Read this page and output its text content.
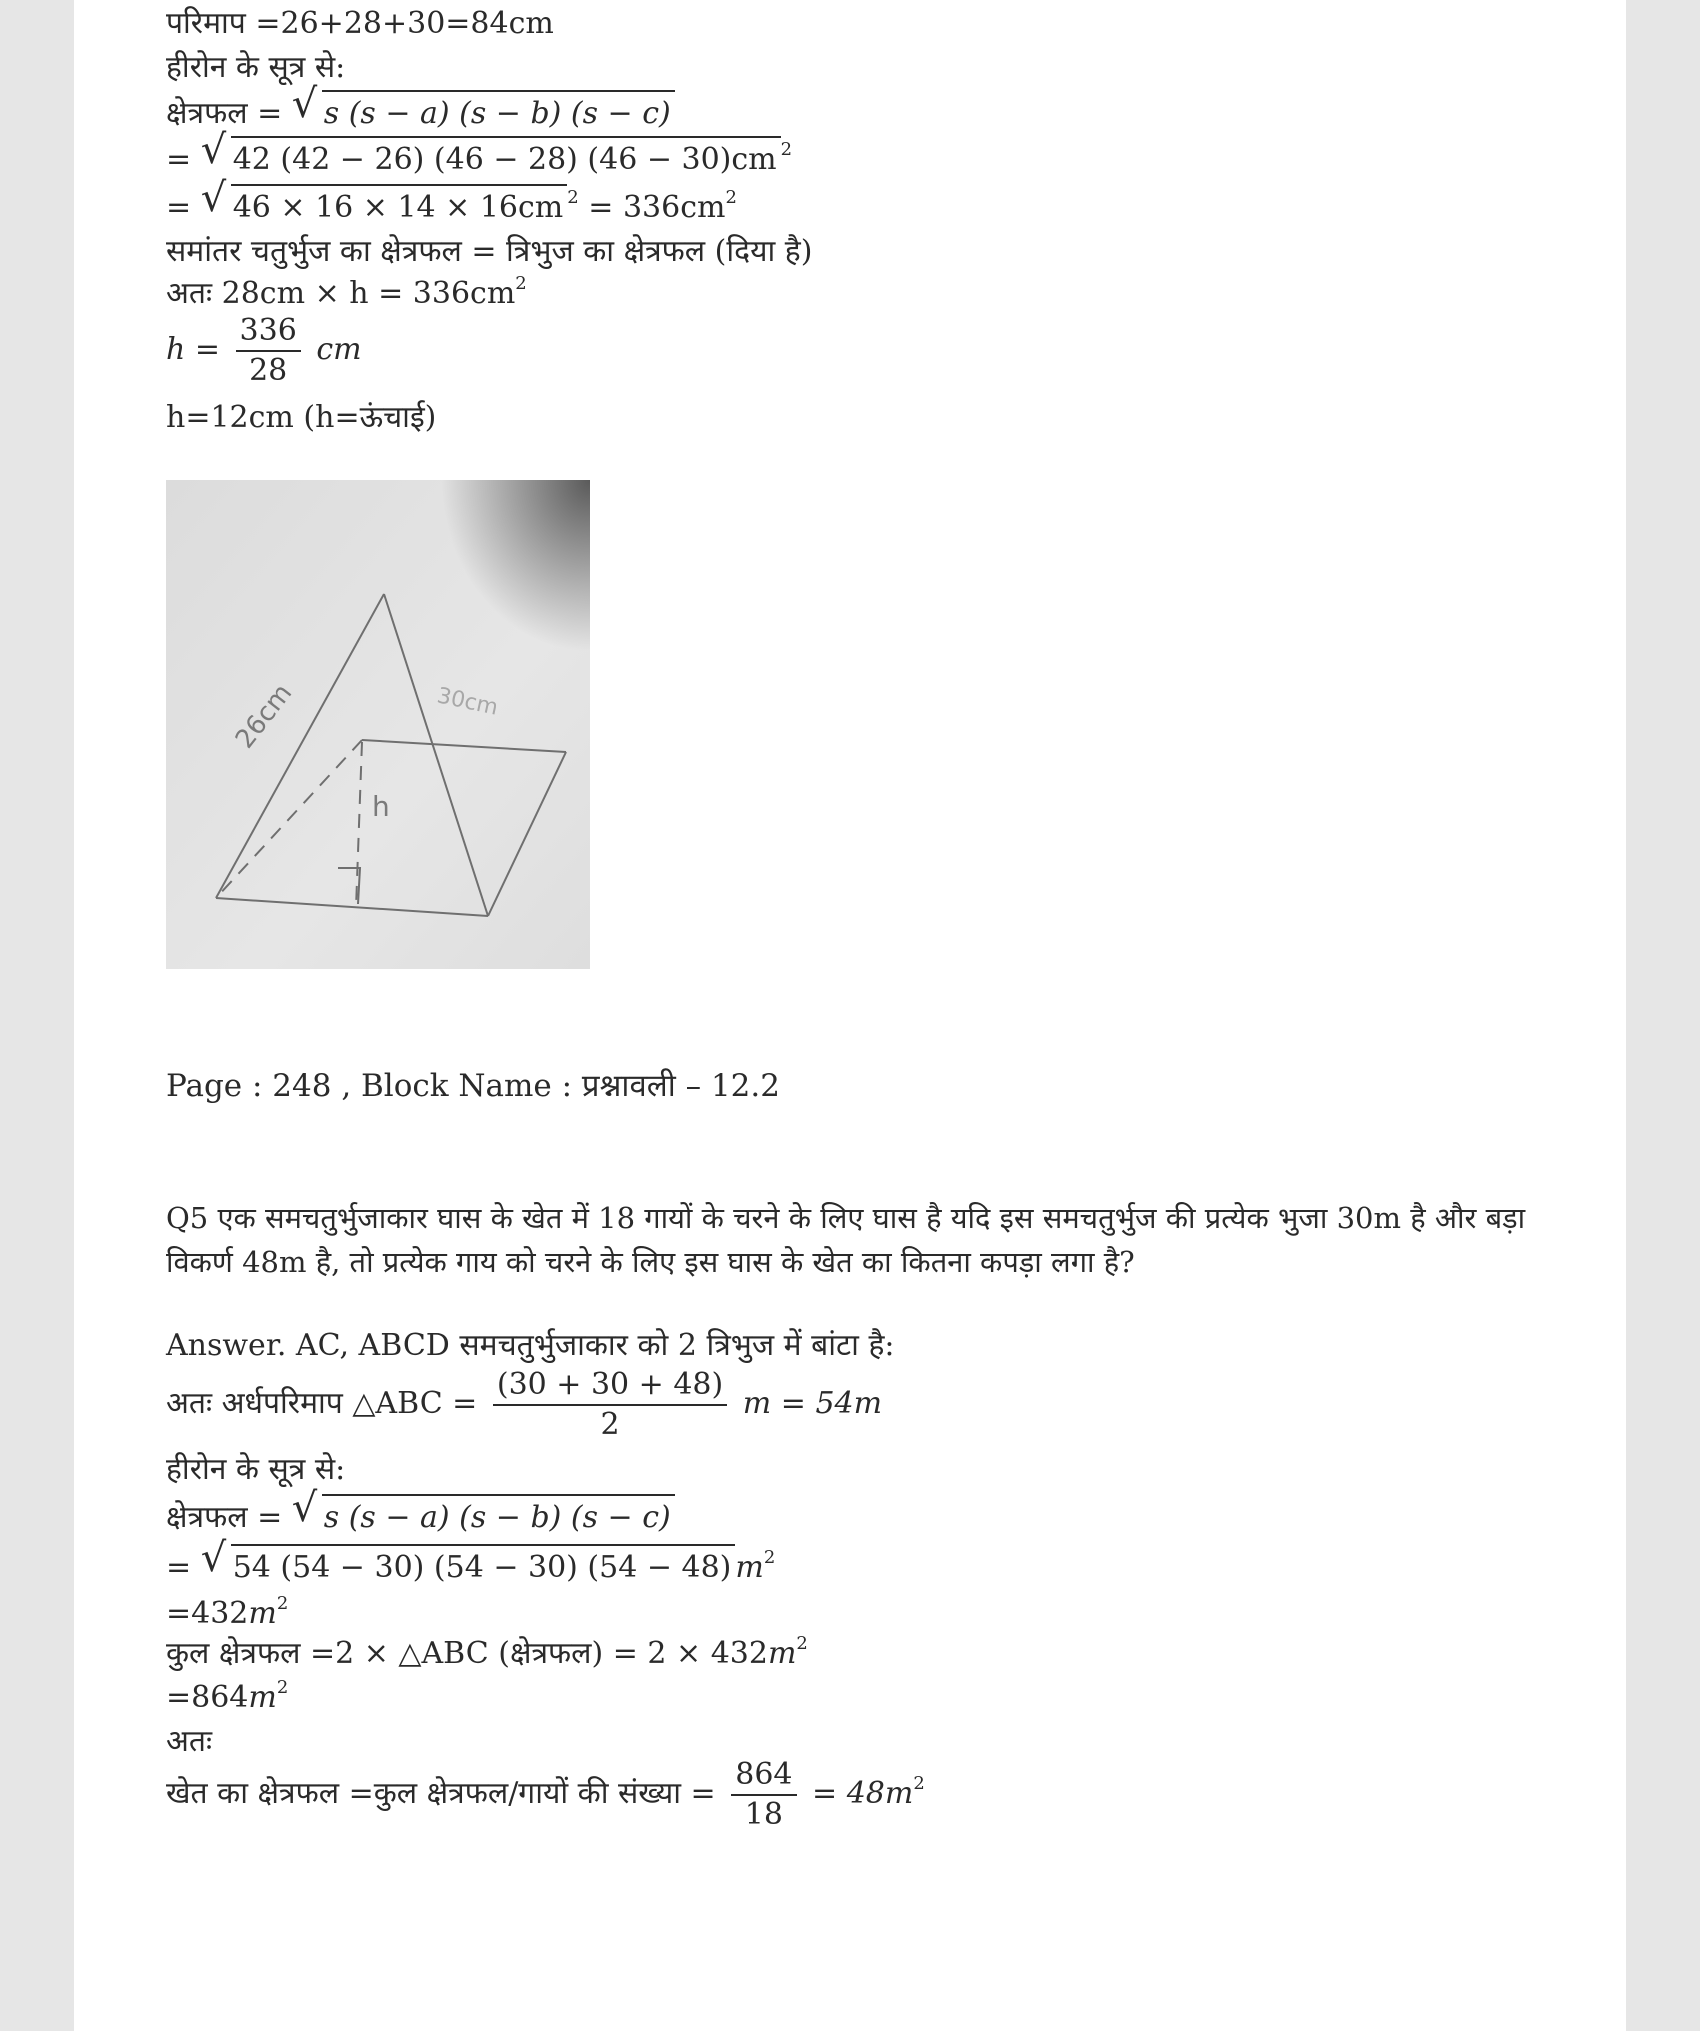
परिमाप =26+28+30=84cm
हीरोन के सूत्र से:
क्षेत्रफल = √ s (s − a) (s − b) (s − c)
= √ 42 (42 − 26) (46 − 28) (46 − 30)cm $^2$
= √ 46 × 16 × 14 × 16cm $^2 = 336cm^2$
समांतर चतुर्भुज का क्षेत्रफल = त्रिभुज का क्षेत्रफल (दिया है)
अतः $28cm \times h = 336cm^2$
$h = \frac{336}{28}$ cm
h=12cm (h=ऊंचाई)
Page : 248 , Block Name : प्रश्नावली – 12.2
Q5 एक समचतुर्भुजाकार घास के खेत में 18 गायों के चरने के लिए घास है यदि इस समचतुर्भुज की प्रत्येक भुजा 30m है और बड़ा
विकर्ण 48m है, तो प्रत्येक गाय को चरने के लिए इस घास के खेत का कितना कपड़ा लगा है?
Answer. AC, ABCD समचतुर्भुजाकार को 2 त्रिभुज में बांटा है:
अतः अर्धपरिमाप △ABC = $\frac{(30 + 30 + 48)}{2}$ m = 54m
हीरोन के सूत्र से:
क्षेत्रफल = √ s (s − a) (s − b) (s − c)
= √ 54 (54 − 30) (54 − 30) (54 − 48) $m^2$
$=432m^2$
कुल क्षेत्रफल =2 × △ABC (क्षेत्रफल) = $2 \times 432m^2$
$=864m^2$
अतः
खेत का क्षेत्रफल =कुल क्षेत्रफल/गायों की संख्या = $\frac{864}{18} = 48m^2$
26cm	30cm
h
